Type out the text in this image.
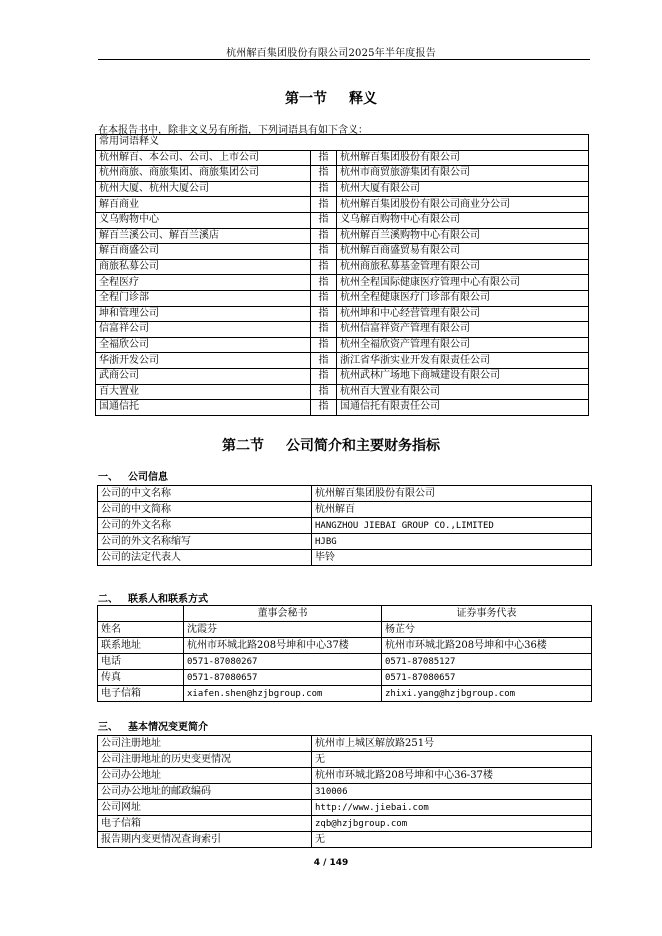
杭州解百集团股份有限公司2025年半年度报告
第一节 释义
在本报告书中，除非文义另有所指，下列词语具有如下含义：
常用词语释义		
杭州解百、本公司、公司、上市公司	指	杭州解百集团股份有限公司
杭州商旅、商旅集团、商旅集团公司	指	杭州市商贸旅游集团有限公司
杭州大厦、杭州大厦公司	指	杭州大厦有限公司
解百商业	指	杭州解百集团股份有限公司商业分公司
义乌购物中心	指	义乌解百购物中心有限公司
解百兰溪公司、解百兰溪店	指	杭州解百兰溪购物中心有限公司
解百商盛公司	指	杭州解百商盛贸易有限公司
商旅私募公司	指	杭州商旅私募基金管理有限公司
全程医疗	指	杭州全程国际健康医疗管理中心有限公司
全程门诊部	指	杭州全程健康医疗门诊部有限公司
坤和管理公司	指	杭州坤和中心经营管理有限公司
信富祥公司	指	杭州信富祥资产管理有限公司
全福欣公司	指	杭州全福欣资产管理有限公司
华浙开发公司	指	浙江省华浙实业开发有限责任公司
武商公司	指	杭州武林广场地下商城建设有限公司
百大置业	指	杭州百大置业有限公司
国通信托	指	国通信托有限责任公司
第二节 公司简介和主要财务指标
一、 公司信息
公司的中文名称	杭州解百集团股份有限公司
公司的中文简称	杭州解百
公司的外文名称	HANGZHOU JIEBAI GROUP CO.,LIMITED
公司的外文名称缩写	HJBG
公司的法定代表人	毕铃
二、 联系人和联系方式
	董事会秘书	证券事务代表
姓名	沈霞芬	杨芷兮
联系地址	杭州市环城北路208号坤和中心37楼	杭州市环城北路208号坤和中心36楼
电话	0571-87080267	0571-87085127
传真	0571-87080657	0571-87080657
电子信箱	xiafen.shen@hzjbgroup.com	zhixi.yang@hzjbgroup.com
三、 基本情况变更简介
公司注册地址	杭州市上城区解放路251号
公司注册地址的历史变更情况	无
公司办公地址	杭州市环城北路208号坤和中心36-37楼
公司办公地址的邮政编码	310006
公司网址	http://www.jiebai.com
电子信箱	zqb@hzjbgroup.com
报告期内变更情况查询索引	无
4 / 149
